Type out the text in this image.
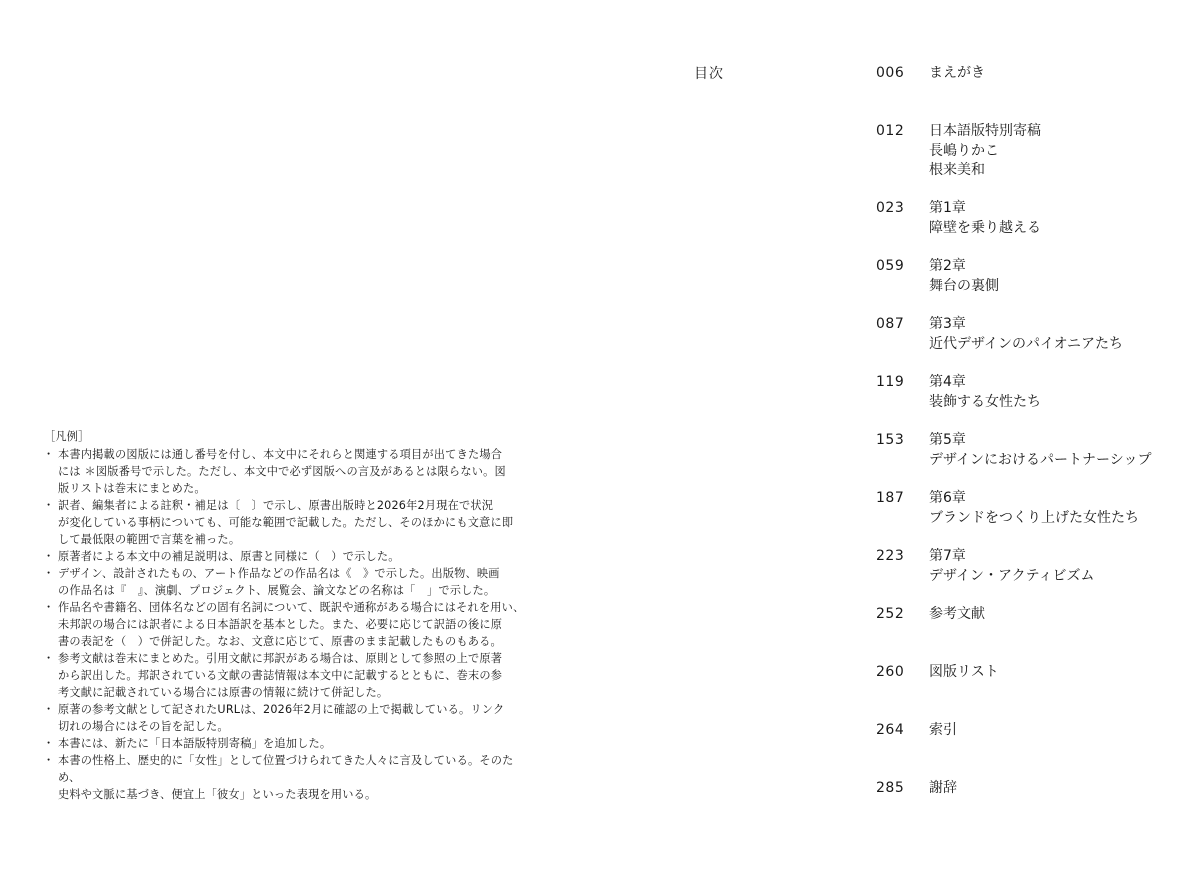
［凡例］
・ 本書内掲載の図版には通し番号を付し、本文中にそれらと関連する項目が出てきた場合
には ＊図版番号で示した。ただし、本文中で必ず図版への言及があるとは限らない。図
版リストは巻末にまとめた。
・ 訳者、編集者による註釈・補足は〔　〕で示し、原書出版時と2026年2月現在で状況
が変化している事柄についても、可能な範囲で記載した。ただし、そのほかにも文意に即
して最低限の範囲で言葉を補った。
・ 原著者による本文中の補足説明は、原書と同様に（　）で示した。
・ デザイン、設計されたもの、アート作品などの作品名は《　》で示した。出版物、映画
の作品名は『　』、演劇、プロジェクト、展覧会、論文などの名称は「　」で示した。
・ 作品名や書籍名、団体名などの固有名詞について、既訳や通称がある場合にはそれを用い、
未邦訳の場合には訳者による日本語訳を基本とした。また、必要に応じて訳語の後に原
書の表記を（　）で併記した。なお、文意に応じて、原書のまま記載したものもある。
・ 参考文献は巻末にまとめた。引用文献に邦訳がある場合は、原則として参照の上で原著
から訳出した。邦訳されている文献の書誌情報は本文中に記載するとともに、巻末の参
考文献に記載されている場合には原書の情報に続けて併記した。
・ 原著の参考文献として記されたURLは、2026年2月に確認の上で掲載している。リンク
切れの場合にはその旨を記した。
・ 本書には、新たに「日本語版特別寄稿」を追加した。
・ 本書の性格上、歴史的に「女性」として位置づけられてきた人々に言及している。そのため、
史料や文脈に基づき、便宜上「彼女」といった表現を用いる。
目次	006	まえがき
012	日本語版特別寄稿
長嶋りかこ
根来美和
023	第1章
障壁を乗り越える
059	第2章
舞台の裏側
087	第3章
近代デザインのパイオニアたち
119	第4章
装飾する女性たち
153	第5章
デザインにおけるパートナーシップ
187	第6章
ブランドをつくり上げた女性たち
223	第7章
デザイン・アクティビズム
252	参考文献
260	図版リスト
264	索引
285	謝辞
